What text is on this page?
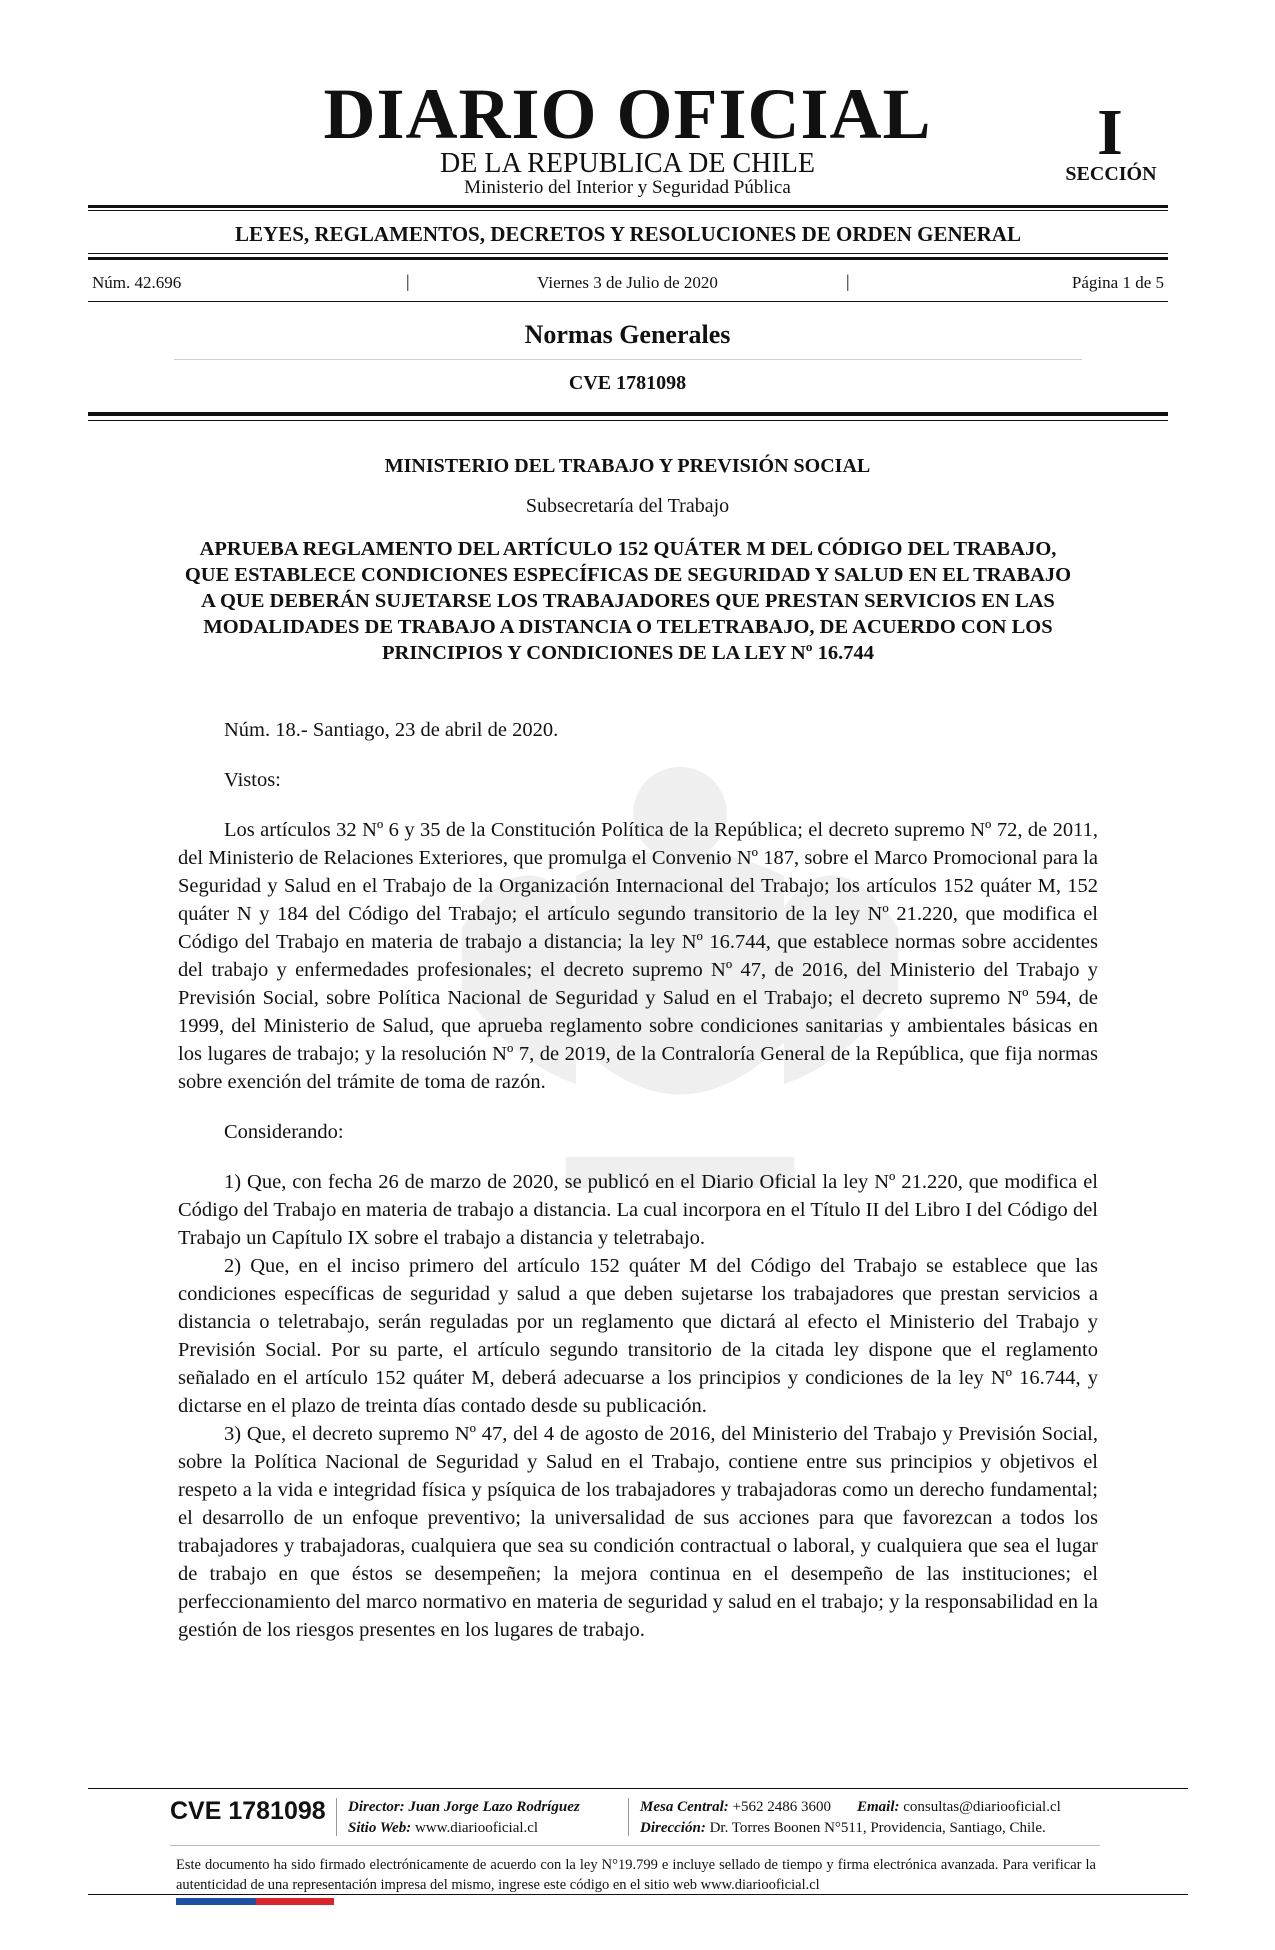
DIARIO OFICIAL
DE LA REPUBLICA DE CHILE
Ministerio del Interior y Seguridad Pública
I
SECCIÓN
LEYES, REGLAMENTOS, DECRETOS Y RESOLUCIONES DE ORDEN GENERAL
Núm. 42.696	|	Viernes 3 de Julio de 2020	|	Página 1 de 5
Normas Generales
CVE 1781098
MINISTERIO DEL TRABAJO Y PREVISIÓN SOCIAL
Subsecretaría del Trabajo
APRUEBA REGLAMENTO DEL ARTÍCULO 152 QUÁTER M DEL CÓDIGO DEL TRABAJO, QUE ESTABLECE CONDICIONES ESPECÍFICAS DE SEGURIDAD Y SALUD EN EL TRABAJO A QUE DEBERÁN SUJETARSE LOS TRABAJADORES QUE PRESTAN SERVICIOS EN LAS MODALIDADES DE TRABAJO A DISTANCIA O TELETRABAJO, DE ACUERDO CON LOS PRINCIPIOS Y CONDICIONES DE LA LEY Nº 16.744

Núm. 18.- Santiago, 23 de abril de 2020.

Vistos:

Los artículos 32 Nº 6 y 35 de la Constitución Política de la República; el decreto supremo Nº 72, de 2011, del Ministerio de Relaciones Exteriores, que promulga el Convenio Nº 187, sobre el Marco Promocional para la Seguridad y Salud en el Trabajo de la Organización Internacional del Trabajo; los artículos 152 quáter M, 152 quáter N y 184 del Código del Trabajo; el artículo segundo transitorio de la ley Nº 21.220, que modifica el Código del Trabajo en materia de trabajo a distancia; la ley Nº 16.744, que establece normas sobre accidentes del trabajo y enfermedades profesionales; el decreto supremo Nº 47, de 2016, del Ministerio del Trabajo y Previsión Social, sobre Política Nacional de Seguridad y Salud en el Trabajo; el decreto supremo Nº 594, de 1999, del Ministerio de Salud, que aprueba reglamento sobre condiciones sanitarias y ambientales básicas en los lugares de trabajo; y la resolución Nº 7, de 2019, de la Contraloría General de la República, que fija normas sobre exención del trámite de toma de razón.

Considerando:

1) Que, con fecha 26 de marzo de 2020, se publicó en el Diario Oficial la ley Nº 21.220, que modifica el Código del Trabajo en materia de trabajo a distancia. La cual incorpora en el Título II del Libro I del Código del Trabajo un Capítulo IX sobre el trabajo a distancia y teletrabajo.

2) Que, en el inciso primero del artículo 152 quáter M del Código del Trabajo se establece que las condiciones específicas de seguridad y salud a que deben sujetarse los trabajadores que prestan servicios a distancia o teletrabajo, serán reguladas por un reglamento que dictará al efecto el Ministerio del Trabajo y Previsión Social. Por su parte, el artículo segundo transitorio de la citada ley dispone que el reglamento señalado en el artículo 152 quáter M, deberá adecuarse a los principios y condiciones de la ley Nº 16.744, y dictarse en el plazo de treinta días contado desde su publicación.

3) Que, el decreto supremo Nº 47, del 4 de agosto de 2016, del Ministerio del Trabajo y Previsión Social, sobre la Política Nacional de Seguridad y Salud en el Trabajo, contiene entre sus principios y objetivos el respeto a la vida e integridad física y psíquica de los trabajadores y trabajadoras como un derecho fundamental; el desarrollo de un enfoque preventivo; la universalidad de sus acciones para que favorezcan a todos los trabajadores y trabajadoras, cualquiera que sea su condición contractual o laboral, y cualquiera que sea el lugar de trabajo en que éstos se desempeñen; la mejora continua en el desempeño de las instituciones; el perfeccionamiento del marco normativo en materia de seguridad y salud en el trabajo; y la responsabilidad en la gestión de los riesgos presentes en los lugares de trabajo.

CVE 1781098 Director: Juan Jorge Lazo Rodríguez
Sitio Web: www.diariooficial.cl
Mesa Central: +562 2486 3600 Email: consultas@diariooficial.cl
Dirección: Dr. Torres Boonen N°511, Providencia, Santiago, Chile.
Este documento ha sido firmado electrónicamente de acuerdo con la ley N°19.799 e incluye sellado de tiempo y firma electrónica avanzada. Para verificar la autenticidad de una representación impresa del mismo, ingrese este código en el sitio web www.diariooficial.cl
